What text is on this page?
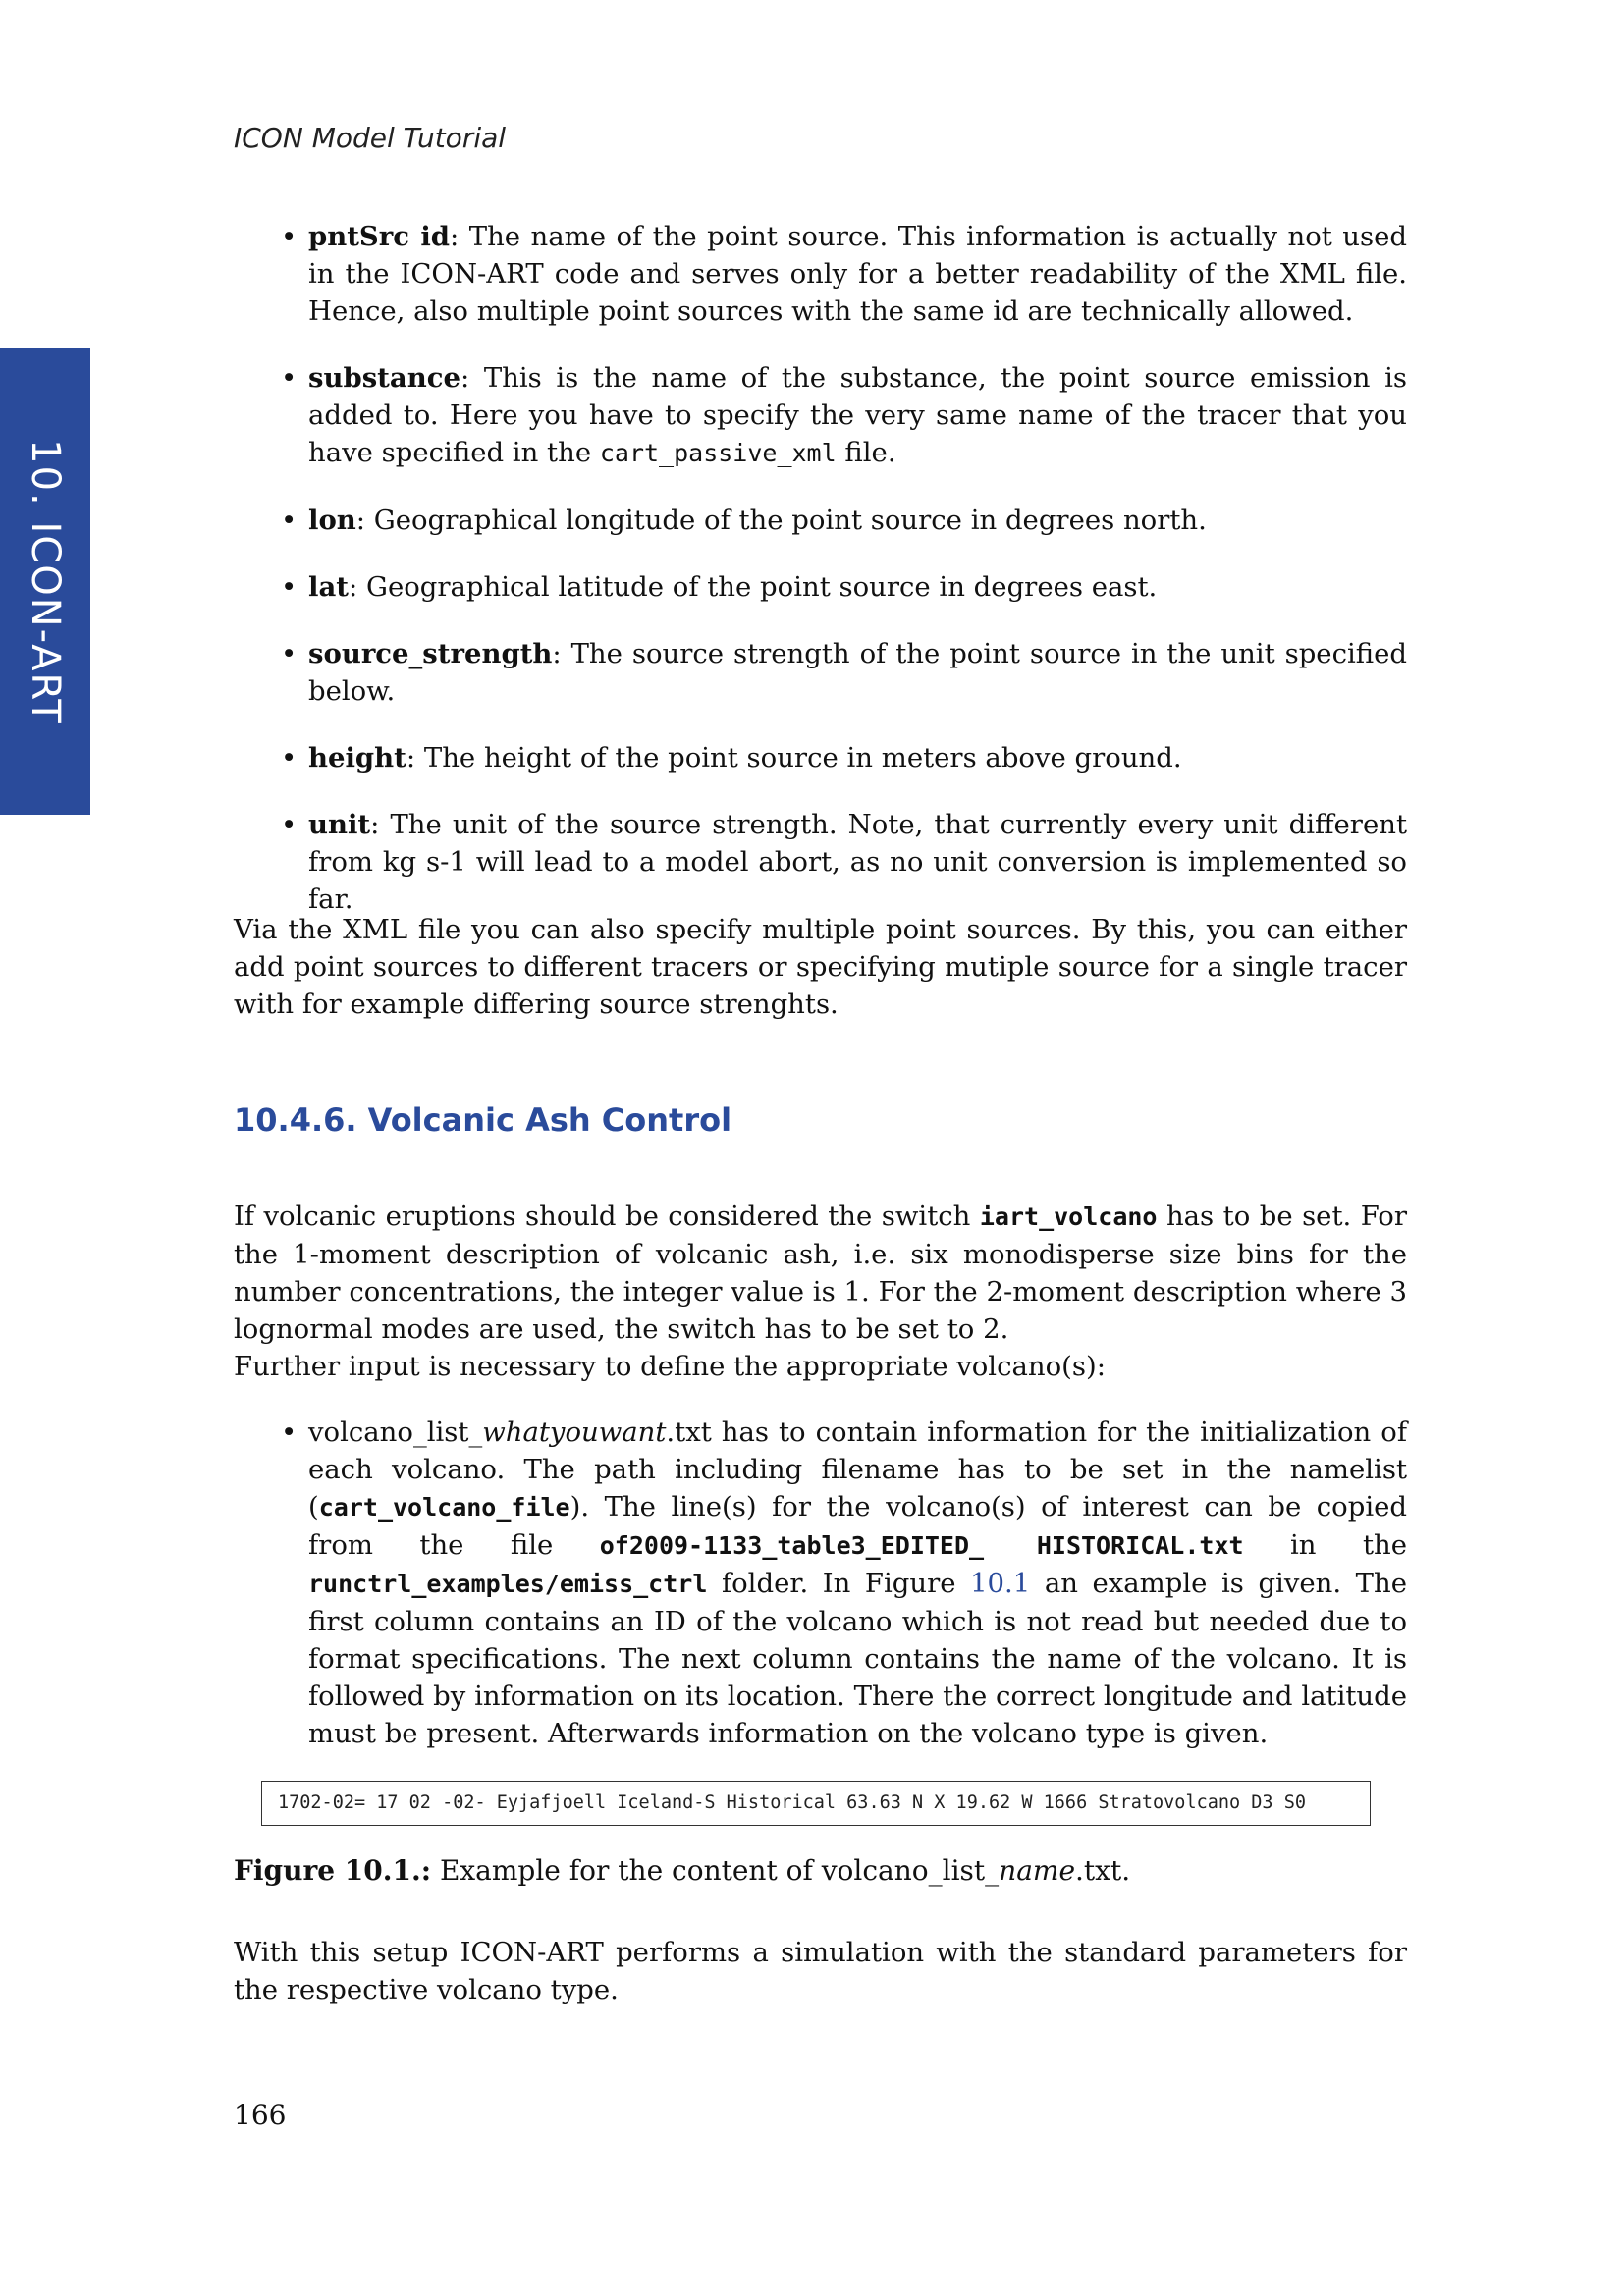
ICON Model Tutorial
10. ICON-ART
• pntSrc id: The name of the point source. This information is actually not used in the ICON-ART code and serves only for a better readability of the XML file. Hence, also multiple point sources with the same id are technically allowed.
• substance: This is the name of the substance, the point source emission is added to. Here you have to specify the very same name of the tracer that you have specified in the cart_passive_xml file.
• lon: Geographical longitude of the point source in degrees north.
• lat: Geographical latitude of the point source in degrees east.
• source_strength: The source strength of the point source in the unit specified below.
• height: The height of the point source in meters above ground.
• unit: The unit of the source strength. Note, that currently every unit different from kg s-1 will lead to a model abort, as no unit conversion is implemented so far.

Via the XML file you can also specify multiple point sources. By this, you can either add point sources to different tracers or specifying mutiple source for a single tracer with for example differing source strenghts.

10.4.6. Volcanic Ash Control

If volcanic eruptions should be considered the switch iart_volcano has to be set. For the 1-moment description of volcanic ash, i.e. six monodisperse size bins for the number concentrations, the integer value is 1. For the 2-moment description where 3 lognormal modes are used, the switch has to be set to 2.
Further input is necessary to define the appropriate volcano(s):

• volcano_list_whatyouwant.txt has to contain information for the initialization of each volcano. The path including filename has to be set in the namelist (cart_volcano_file). The line(s) for the volcano(s) of interest can be copied from the file of2009-1133_table3_EDITED_ HISTORICAL.txt in the runctrl_examples/emiss_ctrl folder. In Figure 10.1 an example is given. The first column contains an ID of the volcano which is not read but needed due to format specifications. The next column contains the name of the volcano. It is followed by information on its location. There the correct longitude and latitude must be present. Afterwards information on the volcano type is given.
Figure 10.1.: Example for the content of volcano_list_name.txt.

With this setup ICON-ART performs a simulation with the standard parameters for the respective volcano type.

1702-02= 17 02 -02- Eyjafjoell Iceland-S Historical 63.63 N X 19.62 W 1666 Stratovolcano D3 S0
166
